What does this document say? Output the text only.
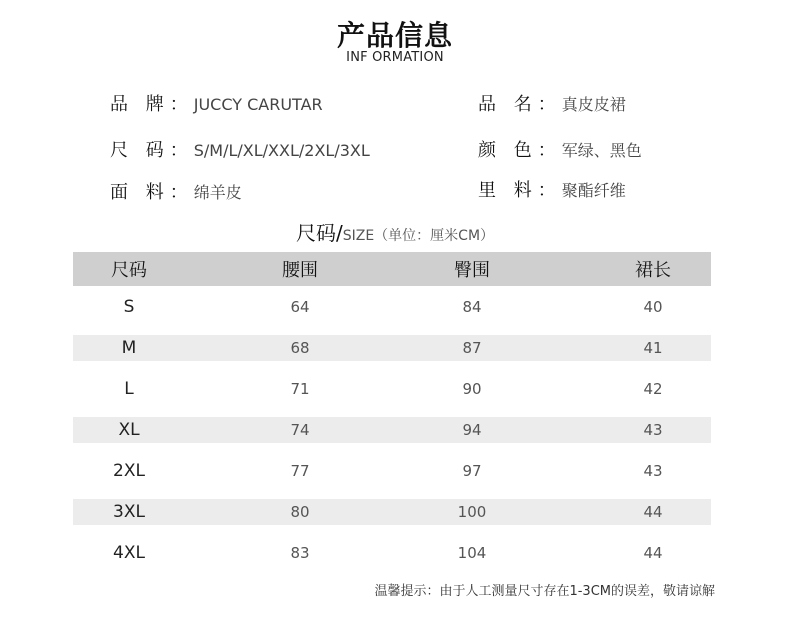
产品信息
INF ORMATION
品 牌：JUCCY CARUTAR	品 名：真皮皮裙
尺 码：S/M/L/XL/XXL/2XL/3XL	颜 色：军绿、黑色
面 料：绵羊皮	里 料：聚酯纤维
尺码/SIZE（单位：厘米CM）
尺码	腰围	臀围	裙长
S	64	84	40
M	68	87	41
L	71	90	42
XL	74	94	43
2XL	77	97	43
3XL	80	100	44
4XL	83	104	44
温馨提示：由于人工测量尺寸存在1-3CM的误差，敬请谅解
